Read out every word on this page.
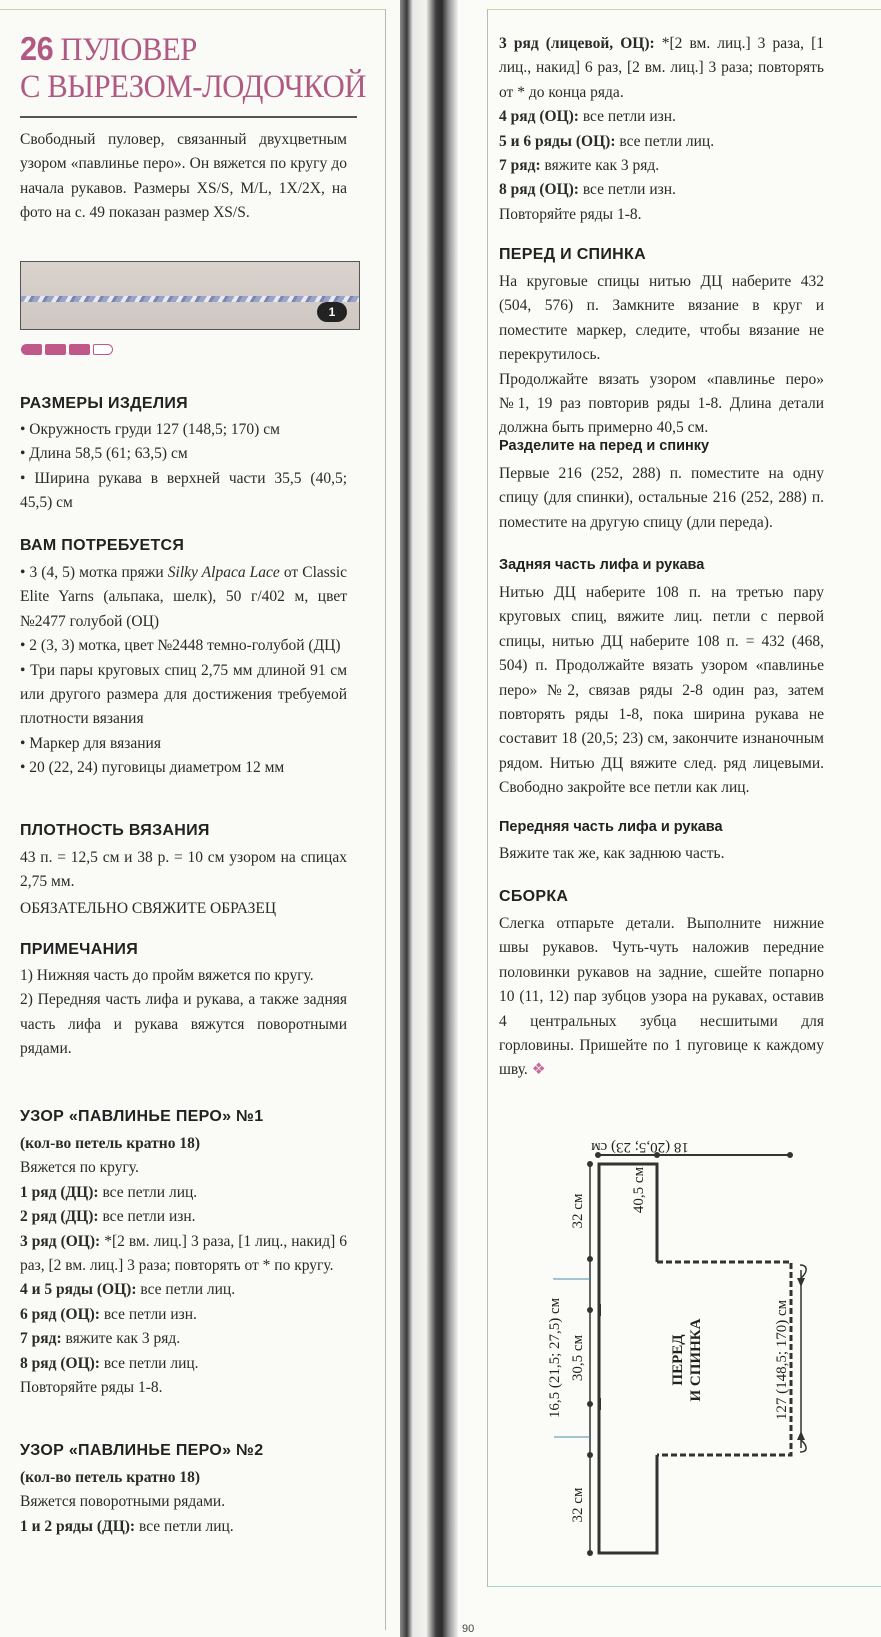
26 ПУЛОВЕР
С ВЫРЕЗОМ-ЛОДОЧКОЙ

Свободный пуловер, связанный двухцветным узором «павлинье перо». Он вяжется по кругу до начала рукавов. Размеры XS/S, M/L, 1X/2X, на фото на с. 49 показан размер XS/S.

1
РАЗМЕРЫ ИЗДЕЛИЯ

• Окружность груди 127 (148,5; 170) см

• Длина 58,5 (61; 63,5) см

• Ширина рукава в верхней части 35,5 (40,5; 45,5) см

ВАМ ПОТРЕБУЕТСЯ

• 3 (4, 5) мотка пряжи Silky Alpaca Lace от Classic Elite Yarns (альпака, шелк), 50 г/402 м, цвет №2477 голубой (ОЦ)

• 2 (3, 3) мотка, цвет №2448 темно-голубой (ДЦ)

• Три пары круговых спиц 2,75 мм длиной 91 см или другого размера для достижения требуемой плотности вязания

• Маркер для вязания

• 20 (22, 24) пуговицы диаметром 12 мм

ПЛОТНОСТЬ ВЯЗАНИЯ

43 п. = 12,5 см и 38 р. = 10 см узором на спицах 2,75 мм.

ОБЯЗАТЕЛЬНО СВЯЖИТЕ ОБРАЗЕЦ

ПРИМЕЧАНИЯ

1) Нижняя часть до пройм вяжется по кругу.

2) Передняя часть лифа и рукава, а также задняя часть лифа и рукава вяжутся поворотными рядами.

УЗОР «ПАВЛИНЬЕ ПЕРО» №1

(кол-во петель кратно 18)

Вяжется по кругу.

1 ряд (ДЦ): все петли лиц.

2 ряд (ДЦ): все петли изн.

3 ряд (ОЦ): *[2 вм. лиц.] 3 раза, [1 лиц., накид] 6 раз, [2 вм. лиц.] 3 раза; повторять от * по кругу.

4 и 5 ряды (ОЦ): все петли лиц.

6 ряд (ОЦ): все петли изн.

7 ряд: вяжите как 3 ряд.

8 ряд (ОЦ): все петли лиц.

Повторяйте ряды 1-8.

УЗОР «ПАВЛИНЬЕ ПЕРО» №2

(кол-во петель кратно 18)

Вяжется поворотными рядами.

1 и 2 ряды (ДЦ): все петли лиц.

3 ряд (лицевой, ОЦ): *[2 вм. лиц.] 3 раза, [1 лиц., накид] 6 раз, [2 вм. лиц.] 3 раза; повторять от * до конца ряда.

4 ряд (ОЦ): все петли изн.

5 и 6 ряды (ОЦ): все петли лиц.

7 ряд: вяжите как 3 ряд.

8 ряд (ОЦ): все петли изн.

Повторяйте ряды 1-8.

ПЕРЕД И СПИНКА

На круговые спицы нитью ДЦ наберите 432 (504, 576) п. Замкните вязание в круг и поместите маркер, следите, чтобы вязание не перекрутилось.

Продолжайте вязать узором «павлинье перо» №1, 19 раз повторив ряды 1-8. Длина детали должна быть примерно 40,5 см.

Разделите на перед и спинку

Первые 216 (252, 288) п. поместите на одну спицу (для спинки), остальные 216 (252, 288) п. поместите на другую спицу (дли переда).

Задняя часть лифа и рукава

Нитью ДЦ наберите 108 п. на третью пару круговых спиц, вяжите лиц. петли с первой спицы, нитью ДЦ наберите 108 п. = 432 (468, 504) п. Продолжайте вязать узором «павлинье перо» №2, связав ряды 2-8 один раз, затем повторять ряды 1-8, пока ширина рукава не составит 18 (20,5; 23) см, закончите изнаночным рядом. Нитью ДЦ вяжите след. ряд лицевыми. Свободно закройте все петли как лиц.

Передняя часть лифа и рукава

Вяжите так же, как заднюю часть.

СБОРКА

Слегка отпарьте детали. Выполните нижние швы рукавов. Чуть-чуть наложив передние половинки рукавов на задние, сшейте попарно 10 (11, 12) пар зубцов узора на рукавах, оставив 4 центральных зубца несшитыми для горловины. Пришейте по 1 пуговице к каждому шву. ❖

18 (20,5; 23) см
32 см	40,5 см
16,5 (21,5; 27,5) см 30,5 см	ПЕРЕД И СПИНКА	127 (148,5; 170) см
32 см
90
